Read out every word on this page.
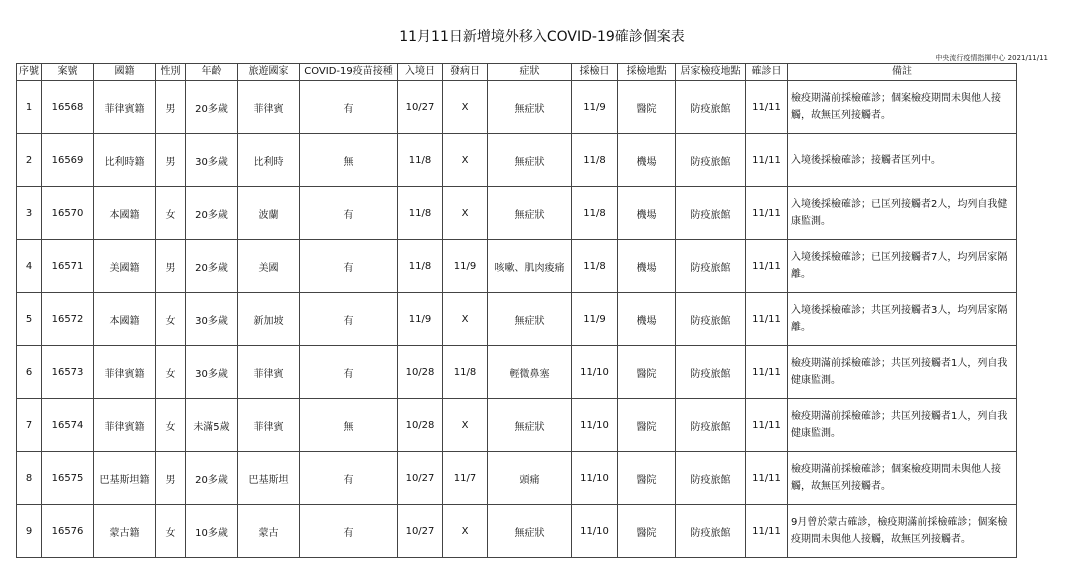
11月11日新增境外移入COVID-19確診個案表
中央流行疫情指揮中心 2021/11/11
序號	案號	國籍	性別	年齡	旅遊國家	COVID-19疫苗接種	入境日	發病日	症狀	採檢日	採檢地點	居家檢疫地點	確診日	備註
1	16568	菲律賓籍	男	20多歲	菲律賓	有	10/27	X	無症狀	11/9	醫院	防疫旅館	11/11	檢疫期滿前採檢確診；個案檢疫期間未與他人接觸，故無匡列接觸者。
2	16569	比利時籍	男	30多歲	比利時	無	11/8	X	無症狀	11/8	機場	防疫旅館	11/11	入境後採檢確診；接觸者匡列中。
3	16570	本國籍	女	20多歲	波蘭	有	11/8	X	無症狀	11/8	機場	防疫旅館	11/11	入境後採檢確診；已匡列接觸者2人，均列自我健康監測。
4	16571	美國籍	男	20多歲	美國	有	11/8	11/9	咳嗽、肌肉痠痛	11/8	機場	防疫旅館	11/11	入境後採檢確診；已匡列接觸者7人，均列居家隔離。
5	16572	本國籍	女	30多歲	新加坡	有	11/9	X	無症狀	11/9	機場	防疫旅館	11/11	入境後採檢確診；共匡列接觸者3人，均列居家隔離。
6	16573	菲律賓籍	女	30多歲	菲律賓	有	10/28	11/8	輕微鼻塞	11/10	醫院	防疫旅館	11/11	檢疫期滿前採檢確診；共匡列接觸者1人，列自我健康監測。
7	16574	菲律賓籍	女	未滿5歲	菲律賓	無	10/28	X	無症狀	11/10	醫院	防疫旅館	11/11	檢疫期滿前採檢確診；共匡列接觸者1人，列自我健康監測。
8	16575	巴基斯坦籍	男	20多歲	巴基斯坦	有	10/27	11/7	頭痛	11/10	醫院	防疫旅館	11/11	檢疫期滿前採檢確診；個案檢疫期間未與他人接觸，故無匡列接觸者。
9	16576	蒙古籍	女	10多歲	蒙古	有	10/27	X	無症狀	11/10	醫院	防疫旅館	11/11	9月曾於蒙古確診，檢疫期滿前採檢確診；個案檢疫期間未與他人接觸，故無匡列接觸者。
